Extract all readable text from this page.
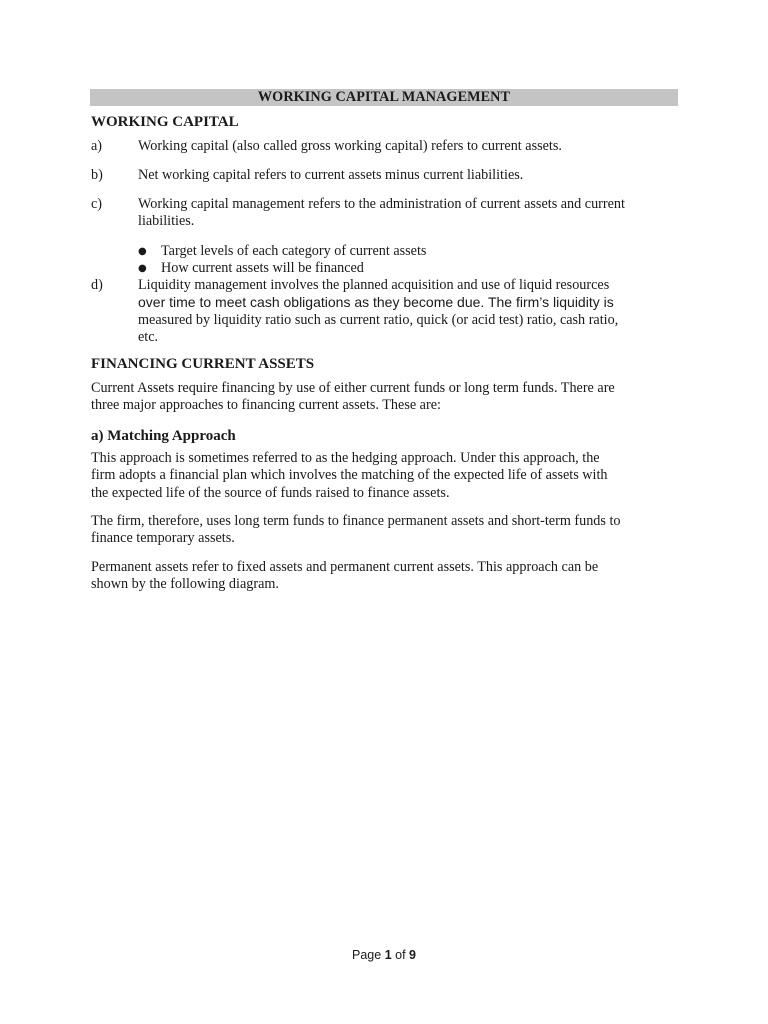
WORKING CAPITAL MANAGEMENT
WORKING CAPITAL
a)	Working capital (also called gross working capital) refers to current assets.
b) Net working capital refers to current assets minus current liabilities.
c)	Working capital management refers to the administration of current assets and current
liabilities.
● Target levels of each category of current assets
● How current assets will be financed
d) Liquidity management involves the planned acquisition and use of liquid resources
over time to meet cash obligations as they become due. The firm’s liquidity is
measured by liquidity ratio such as current ratio, quick (or acid test) ratio, cash ratio,
etc.
FINANCING CURRENT ASSETS
Current Assets require financing by use of either current funds or long term funds. There are
three major approaches to financing current assets. These are:
a) Matching Approach
This approach is sometimes referred to as the hedging approach. Under this approach, the
firm adopts a financial plan which involves the matching of the expected life of assets with
the expected life of the source of funds raised to finance assets.
The firm, therefore, uses long term funds to finance permanent assets and short-term funds to
finance temporary assets.
Permanent assets refer to fixed assets and permanent current assets. This approach can be
shown by the following diagram.
Page 1 of 9
